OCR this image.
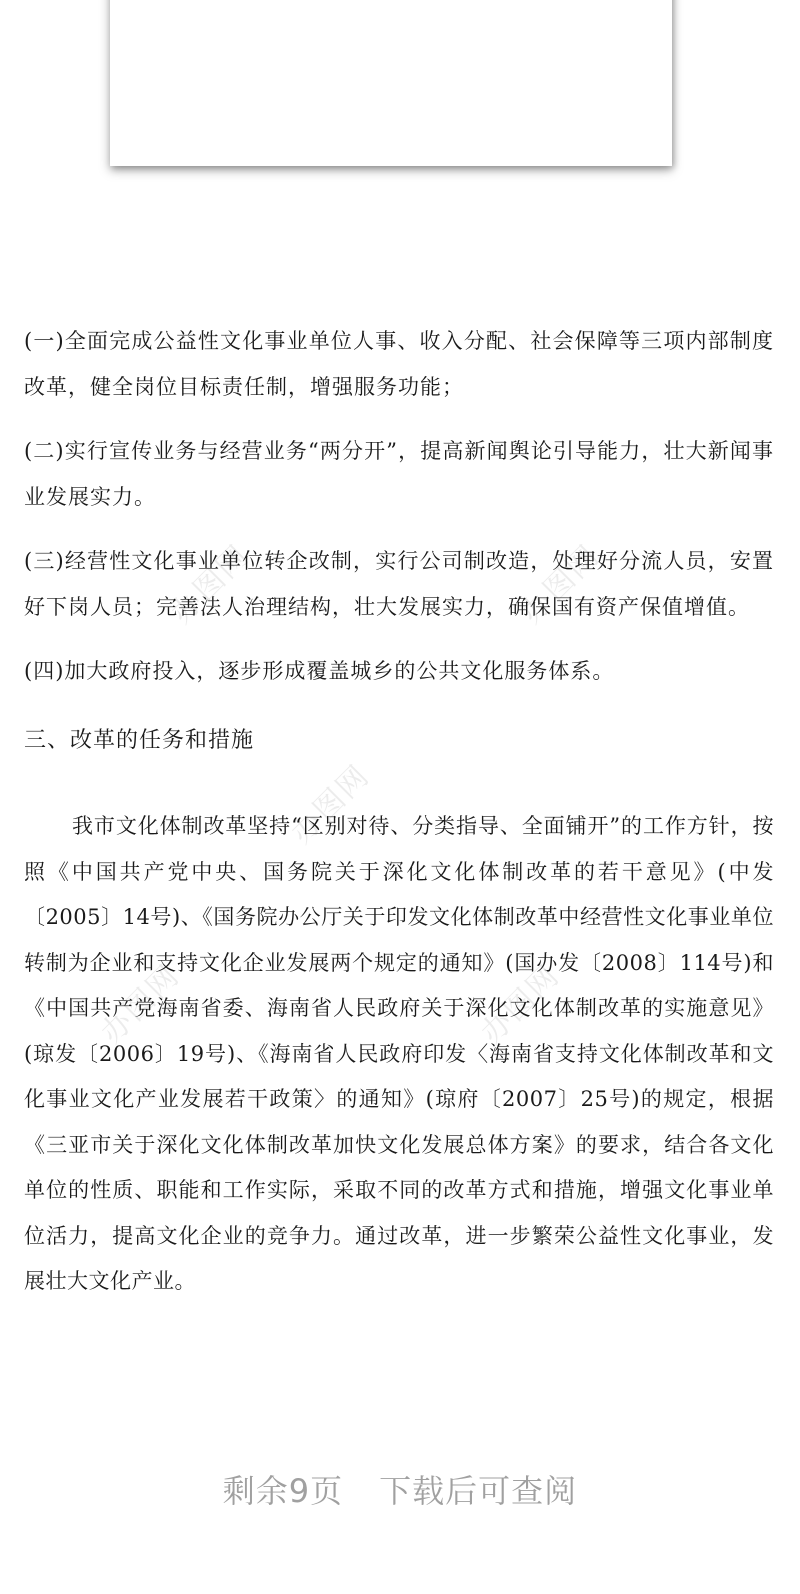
办图网	办图网
办图网
办图网	办图网

(一)全面完成公益性文化事业单位人事、收入分配、社会保障等三项内部制度改革，健全岗位目标责任制，增强服务功能；

(二)实行宣传业务与经营业务“两分开”，提高新闻舆论引导能力，壮大新闻事业发展实力。

(三)经营性文化事业单位转企改制，实行公司制改造，处理好分流人员，安置好下岗人员；完善法人治理结构，壮大发展实力，确保国有资产保值增值。

(四)加大政府投入，逐步形成覆盖城乡的公共文化服务体系。

三、改革的任务和措施

我市文化体制改革坚持“区别对待、分类指导、全面铺开”的工作方针，按照《中国共产党中央、国务院关于深化文化体制改革的若干意见》(中发〔2005〕14号)、《国务院办公厅关于印发文化体制改革中经营性文化事业单位转制为企业和支持文化企业发展两个规定的通知》(国办发〔2008〕114号)和《中国共产党海南省委、海南省人民政府关于深化文化体制改革的实施意见》(琼发〔2006〕19号)、《海南省人民政府印发〈海南省支持文化体制改革和文化事业文化产业发展若干政策〉的通知》(琼府〔2007〕25号)的规定，根据《三亚市关于深化文化体制改革加快文化发展总体方案》的要求，结合各文化单位的性质、职能和工作实际，采取不同的改革方式和措施，增强文化事业单位活力，提高文化企业的竞争力。通过改革，进一步繁荣公益性文化事业，发展壮大文化产业。

剩余9页 下载后可查阅
